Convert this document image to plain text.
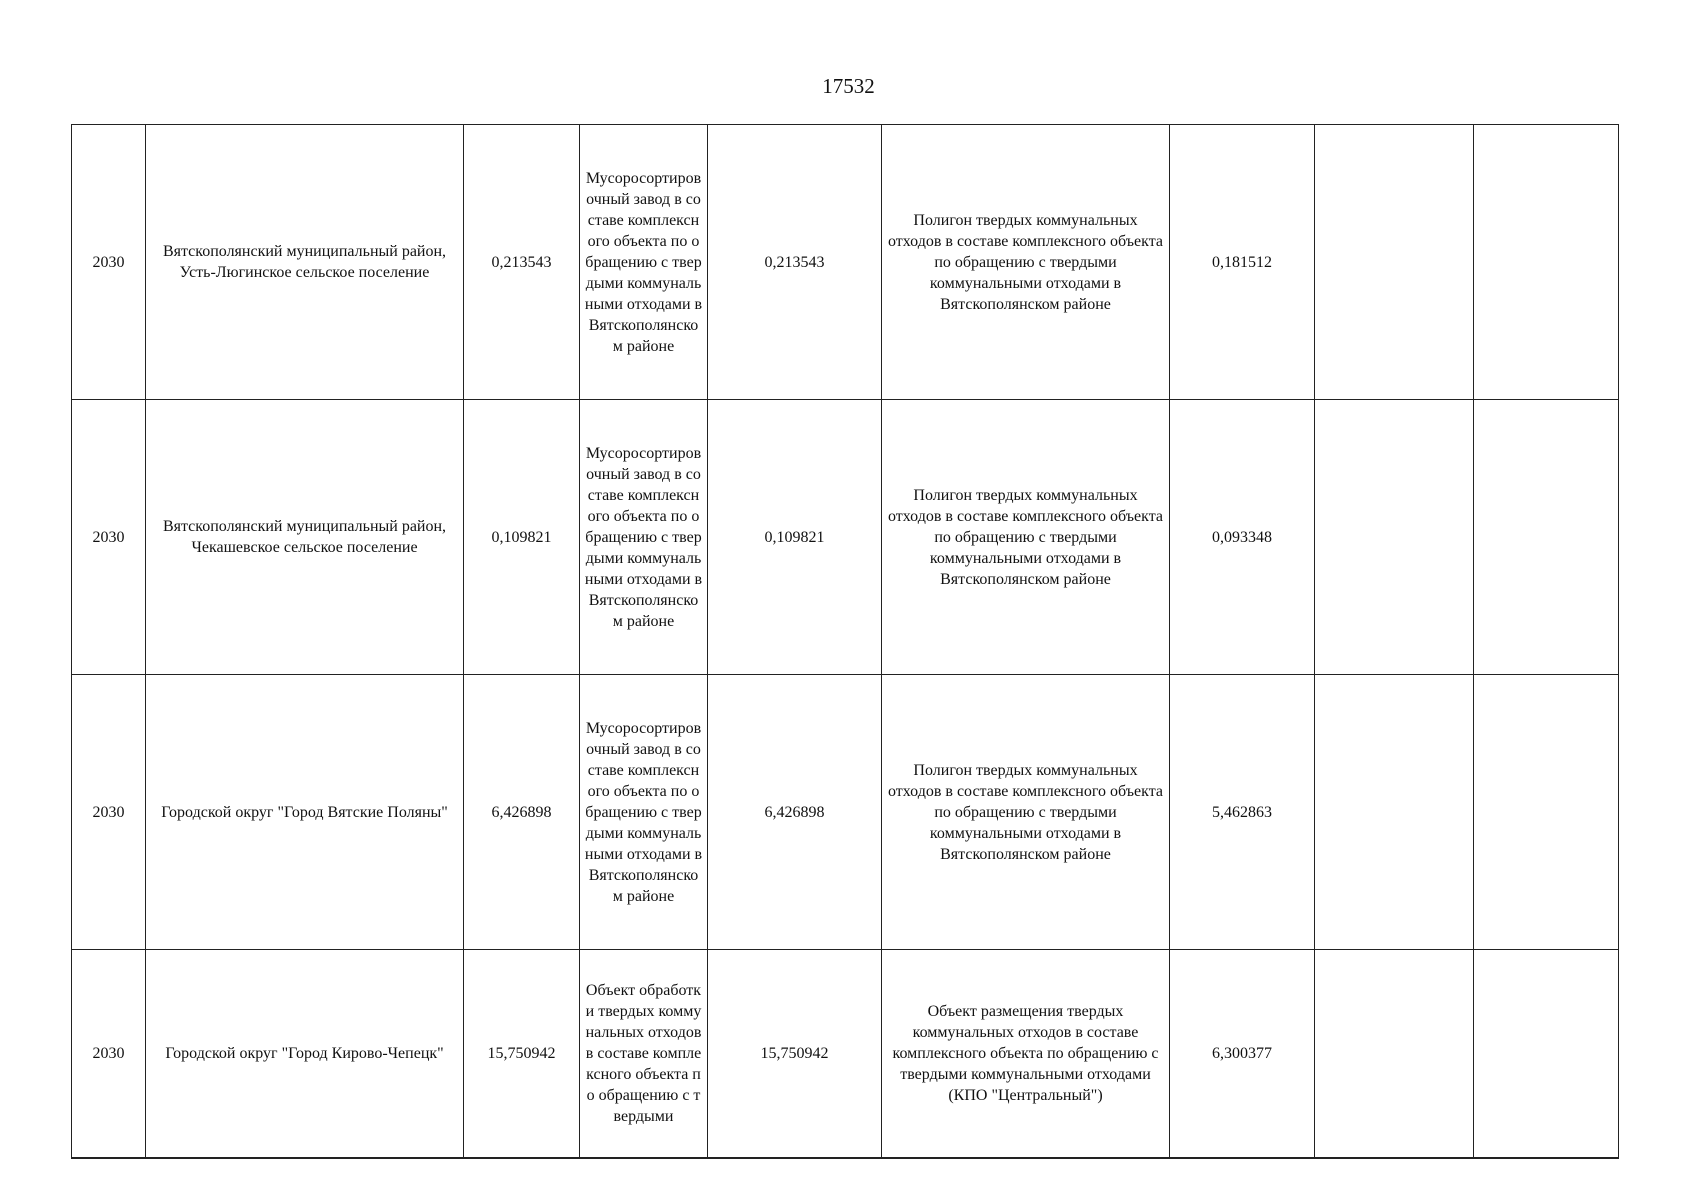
17532
2030	Вятскополянский муниципальный район, Усть-Люгинское сельское поселение	0,213543	Мусоросортировочный завод в составе комплексного объекта по обращению с твердыми коммунальными отходами в Вятскополянском районе	0,213543	Полигон твердых коммунальных отходов в составе комплексного объекта по обращению с твердыми коммунальными отходами в Вятскополянском районе	0,181512		
2030	Вятскополянский муниципальный район, Чекашевское сельское поселение	0,109821	Мусоросортировочный завод в составе комплексного объекта по обращению с твердыми коммунальными отходами в Вятскополянском районе	0,109821	Полигон твердых коммунальных отходов в составе комплексного объекта по обращению с твердыми коммунальными отходами в Вятскополянском районе	0,093348		
2030	Городской округ "Город Вятские Поляны"	6,426898	Мусоросортировочный завод в составе комплексного объекта по обращению с твердыми коммунальными отходами в Вятскополянском районе	6,426898	Полигон твердых коммунальных отходов в составе комплексного объекта по обращению с твердыми коммунальными отходами в Вятскополянском районе	5,462863		
2030	Городской округ "Город Кирово-Чепецк"	15,750942	Объект обработки твердых коммунальных отходов в составе комплексного объекта по обращению с твердыми	15,750942	Объект размещения твердых коммунальных отходов в составе комплексного объекта по обращению с твердыми коммунальными отходами (КПО "Центральный")	6,300377		
